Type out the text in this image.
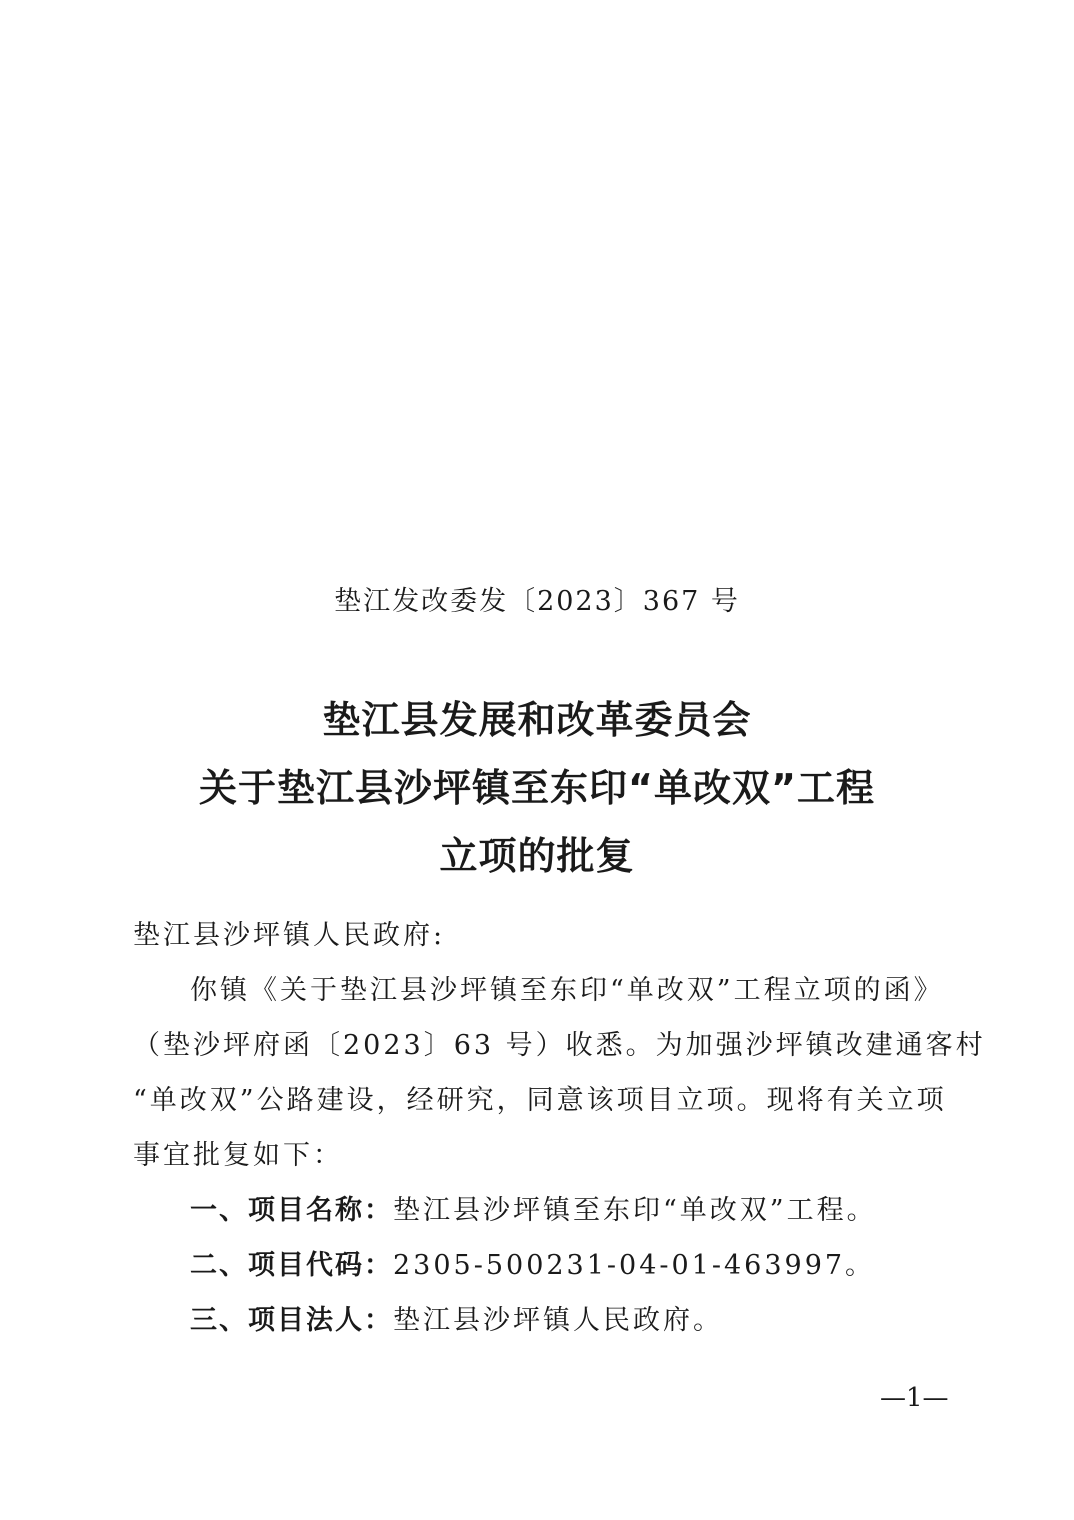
垫江发改委发〔2023〕367 号
垫江县发展和改革委员会
关于垫江县沙坪镇至东印“单改双”工程
立项的批复

垫江县沙坪镇人民政府:

你镇《关于垫江县沙坪镇至东印“单改双”工程立项的函》

（垫沙坪府函〔2023〕63 号）收悉。为加强沙坪镇改建通客村

“单改双”公路建设，经研究，同意该项目立项。现将有关立项

事宜批复如下：

一、项目名称：垫江县沙坪镇至东印“单改双”工程。

二、项目代码：2305-500231-04-01-463997。

三、项目法人：垫江县沙坪镇人民政府。

—1—
